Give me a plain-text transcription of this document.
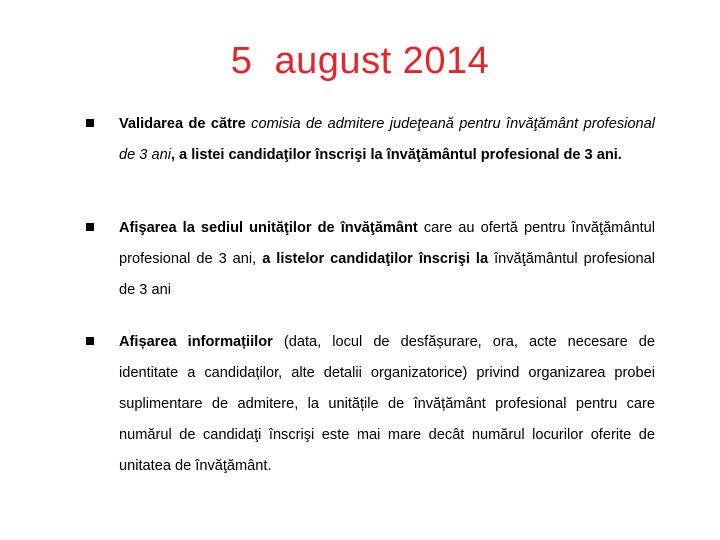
5  august 2014
Validarea de către comisia de admitere judeţeană pentru învăţământ profesional de 3 ani, a listei candidaţilor înscrişi la învăţământul profesional de 3 ani.
Afişarea la sediul unităţilor de învăţământ care au ofertă pentru învăţământul profesional de 3 ani, a listelor candidaţilor înscrişi la învăţământul profesional de 3 ani
Afișarea informațiilor (data, locul de desfășurare, ora, acte necesare de identitate a candidaților, alte detalii organizatorice) privind organizarea probei suplimentare de admitere, la unitățile de învățământ profesional pentru care numărul de candidaţi înscrişi este mai mare decât numărul locurilor oferite de unitatea de învăţământ.
